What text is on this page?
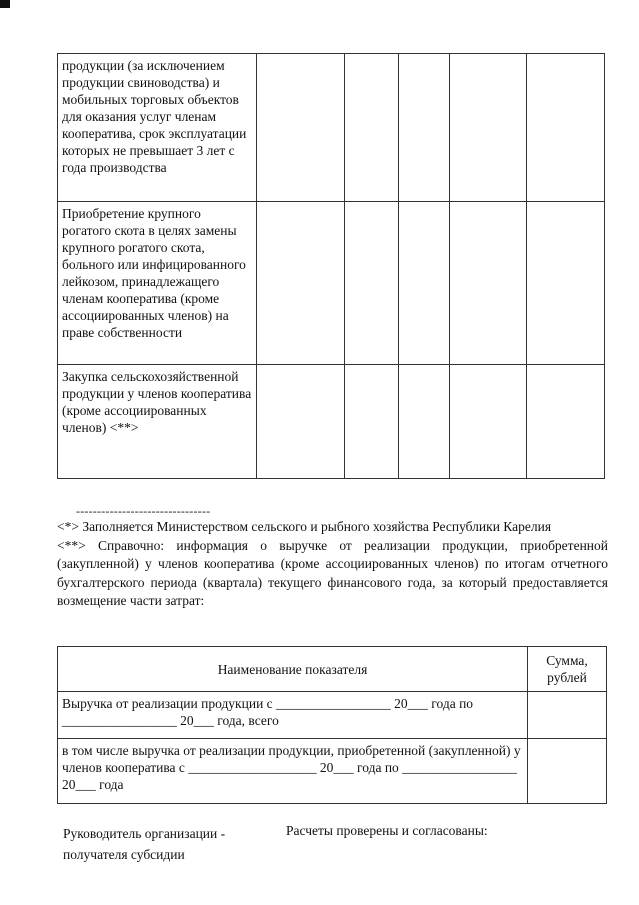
продукции (за исключением продукции свиноводства) и мобильных торговых объектов для оказания услуг членам кооператива, срок эксплуатации которых не превышает 3 лет с года производства					
Приобретение крупного рогатого скота в целях замены крупного рогатого скота, больного или инфицированного лейкозом, принадлежащего членам кооператива (кроме ассоциированных членов) на праве собственности					
Закупка сельскохозяйственной продукции у членов кооператива (кроме ассоциированных членов) <**>					
--------------------------------

<*> Заполняется Министерством сельского и рыбного хозяйства Республики Карелия

<**> Справочно: информация о выручке от реализации продукции, приобретенной (закупленной) у членов кооператива (кроме ассоциированных членов) по итогам отчетного бухгалтерского периода (квартала) текущего финансового года, за который предоставляется возмещение части затрат:

Наименование показателя	Сумма, рублей
Выручка от реализации продукции с _________________ 20___ года по _________________ 20___ года, всего	
в том числе выручка от реализации продукции, приобретенной (закупленной) у членов кооператива с ___________________ 20___ года по _________________ 20___ года	
Руководитель организации - получателя субсидии
Расчеты проверены и согласованы:
